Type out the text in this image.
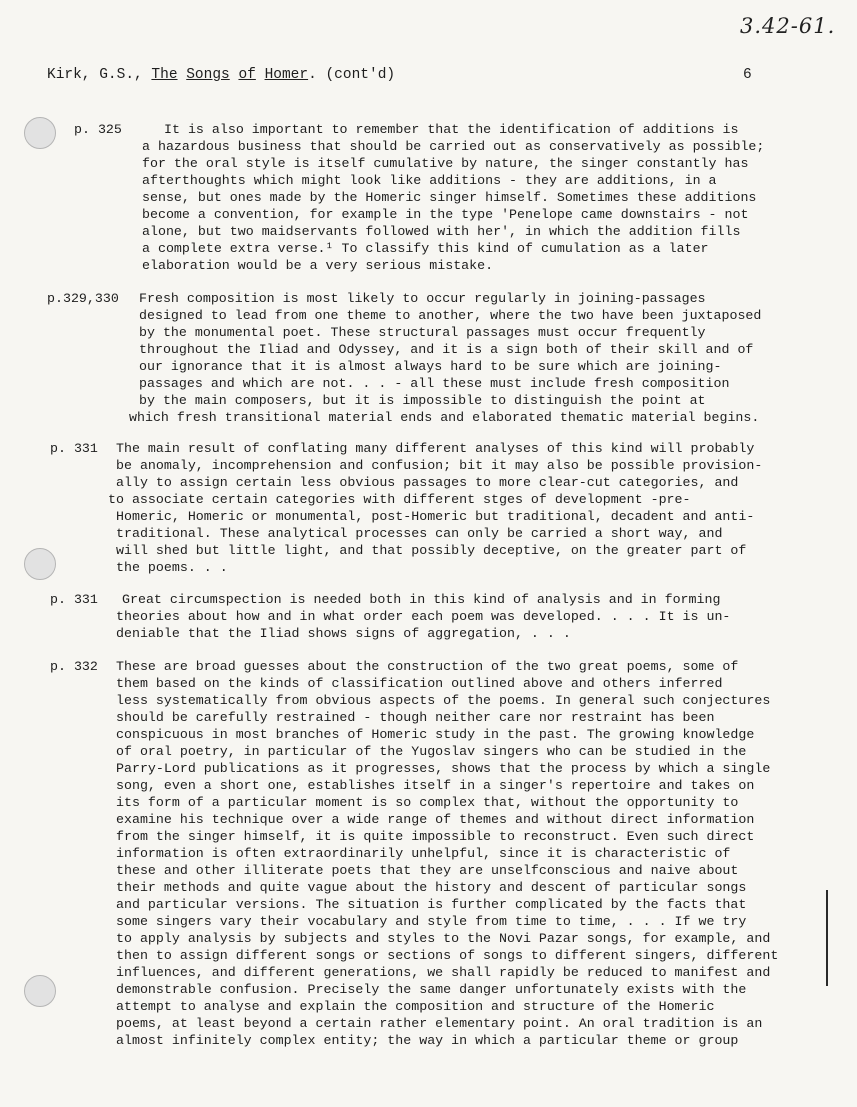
3.42-61.
Kirk, G.S., The Songs of Homer. (cont'd)	6
p. 325	It is also important to remember that the identification of additions is
a hazardous business that should be carried out as conservatively as possible;
for the oral style is itself cumulative by nature, the singer constantly has
afterthoughts which might look like additions - they are additions, in a
sense, but ones made by the Homeric singer himself. Sometimes these additions
become a convention, for example in the type 'Penelope came downstairs - not
alone, but two maidservants followed with her', in which the addition fills
a complete extra verse.¹ To classify this kind of cumulation as a later
elaboration would be a very serious mistake.
p.329,330 Fresh composition is most likely to occur regularly in joining-passages
designed to lead from one theme to another, where the two have been juxtaposed
by the monumental poet. These structural passages must occur frequently
throughout the Iliad and Odyssey, and it is a sign both of their skill and of
our ignorance that it is almost always hard to be sure which are joining-
passages and which are not. . . - all these must include fresh composition
by the main composers, but it is impossible to distinguish the point at
which fresh transitional material ends and elaborated thematic material begins.
p. 331 The main result of conflating many different analyses of this kind will probably
be anomaly, incomprehension and confusion; bit it may also be possible provision-
ally to assign certain less obvious passages to more clear-cut categories, and
to associate certain categories with different stges of development -pre-
Homeric, Homeric or monumental, post-Homeric but traditional, decadent and anti-
traditional. These analytical processes can only be carried a short way, and
will shed but little light, and that possibly deceptive, on the greater part of
the poems. . .
p. 331	Great circumspection is needed both in this kind of analysis and in forming
theories about how and in what order each poem was developed. . . . It is un-
deniable that the Iliad shows signs of aggregation, . . .
p. 332 These are broad guesses about the construction of the two great poems, some of
them based on the kinds of classification outlined above and others inferred
less systematically from obvious aspects of the poems. In general such conjectures
should be carefully restrained - though neither care nor restraint has been
conspicuous in most branches of Homeric study in the past. The growing knowledge
of oral poetry, in particular of the Yugoslav singers who can be studied in the
Parry-Lord publications as it progresses, shows that the process by which a single
song, even a short one, establishes itself in a singer's repertoire and takes on
its form of a particular moment is so complex that, without the opportunity to
examine his technique over a wide range of themes and without direct information
from the singer himself, it is quite impossible to reconstruct. Even such direct
information is often extraordinarily unhelpful, since it is characteristic of
these and other illiterate poets that they are unselfconscious and naive about
their methods and quite vague about the history and descent of particular songs
and particular versions. The situation is further complicated by the facts that
some singers vary their vocabulary and style from time to time, . . . If we try
to apply analysis by subjects and styles to the Novi Pazar songs, for example, and
then to assign different songs or sections of songs to different singers, different
influences, and different generations, we shall rapidly be reduced to manifest and
demonstrable confusion. Precisely the same danger unfortunately exists with the
attempt to analyse and explain the composition and structure of the Homeric
poems, at least beyond a certain rather elementary point. An oral tradition is an
almost infinitely complex entity; the way in which a particular theme or group
